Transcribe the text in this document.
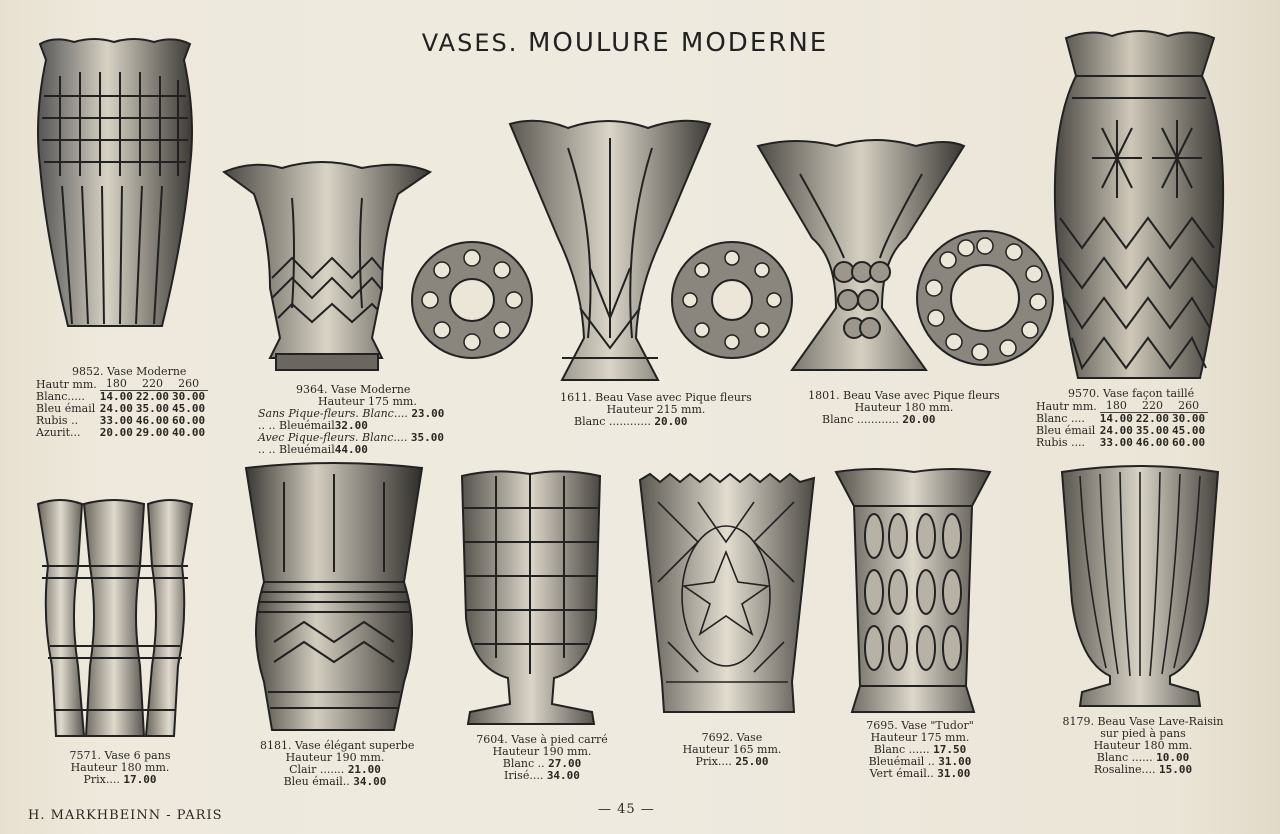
VASES. MOULURE MODERNE
9852. Vase Moderne
Hautr mm.	180	220	260
Blanc.....	14.00	22.00	30.00
Bleu émail	24.00	35.00	45.00
Rubis ..	33.00	46.00	60.00
Azurit...	20.00	29.00	40.00
9364. Vase Moderne
Hauteur 175 mm.
Sans Pique-fleurs. Blanc.... 23.00
.. .. Bleuémail32.00
Avec Pique-fleurs. Blanc.... 35.00
.. .. Bleuémail44.00
1611. Beau Vase avec Pique fleurs
Hauteur 215 mm.
Blanc ............ 20.00
1801. Beau Vase avec Pique fleurs
Hauteur 180 mm.
Blanc ............ 20.00
9570. Vase façon taillé
Hautr mm.	180	220	260
Blanc ....	14.00	22.00	30.00
Bleu émail	24.00	35.00	45.00
Rubis ....	33.00	46.00	60.00
7571. Vase 6 pans
Hauteur 180 mm.
Prix.... 17.00
8181. Vase élégant superbe
Hauteur 190 mm.
Clair ....... 21.00
Bleu émail.. 34.00
7604. Vase à pied carré
Hauteur 190 mm.
Blanc .. 27.00
Irisé.... 34.00
7692. Vase
Hauteur 165 mm.
Prix.... 25.00
7695. Vase "Tudor"
Hauteur 175 mm.
Blanc ...... 17.50
Bleuémail .. 31.00
Vert émail.. 31.00
8179. Beau Vase Lave-Raisin
sur pied à pans
Hauteur 180 mm.
Blanc ...... 10.00
Rosaline.... 15.00
H. MARKHBEINN - PARIS	— 45 —
